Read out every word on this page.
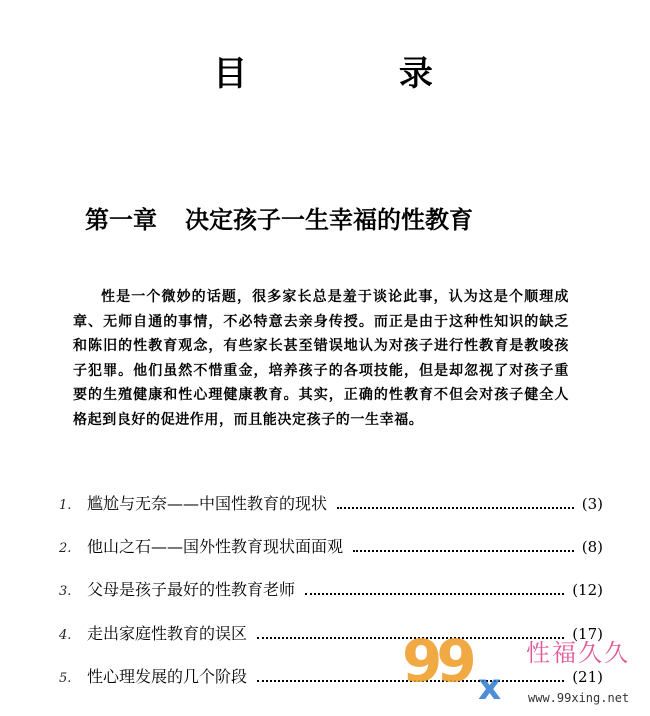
目 录
第一章 决定孩子一生幸福的性教育

性是一个微妙的话题，很多家长总是羞于谈论此事，认为这是个顺理成章、无师自通的事情，不必特意去亲身传授。而正是由于这种性知识的缺乏和陈旧的性教育观念，有些家长甚至错误地认为对孩子进行性教育是教唆孩子犯罪。他们虽然不惜重金，培养孩子的各项技能，但是却忽视了对孩子重要的生殖健康和性心理健康教育。其实，正确的性教育不但会对孩子健全人格起到良好的促进作用，而且能决定孩子的一生幸福。

1. 尴尬与无奈——中国性教育的现状	(3)
2. 他山之石——国外性教育现状面面观	(8)
3. 父母是孩子最好的性教育老师	(12)
4. 走出家庭性教育的误区	(17)
5. 性心理发展的几个阶段	(21)
99 x
性福久久
www.99xing.net
